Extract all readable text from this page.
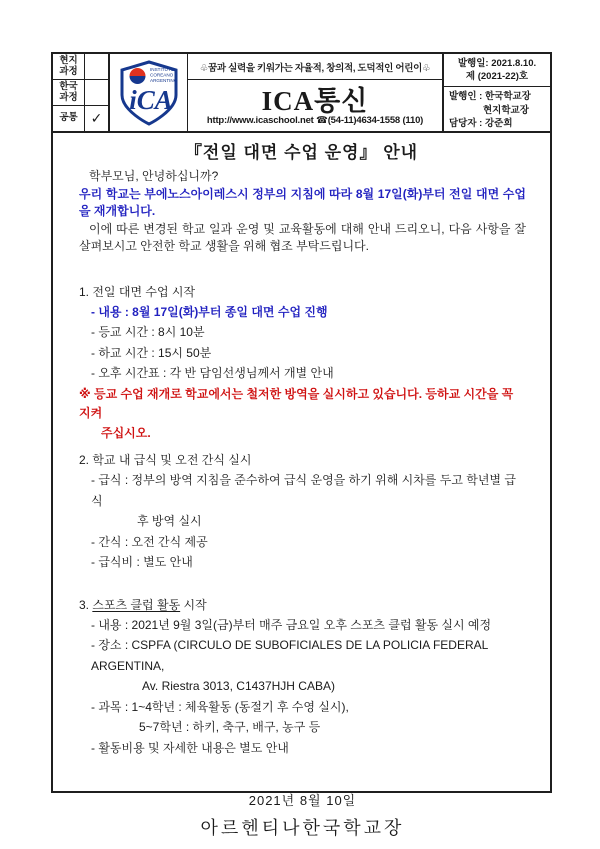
현지
과정
한국
과정
공통 ✓
iCA
INSTITUTO
COREANO
ARGENTINO
♧꿈과 실력을 키워가는 자율적, 창의적, 도덕적인 어린이♧
ICA통신
http://www.icaschool.net ☎(54-11)4634-1558 (110)
발행일: 2021.8.10.
제 (2021-22)호
발행인 : 한국학교장
현지학교장
담당자 : 강준희
『전일 대면 수업 운영』 안내

학부모님, 안녕하십니까?

우리 학교는 부에노스아이레스시 정부의 지침에 따라 8월 17일(화)부터 전일 대면 수업을 재개합니다.

이에 따른 변경된 학교 일과 운영 및 교육활동에 대해 안내 드리오니, 다음 사항을 잘 살펴보시고 안전한 학교 생활을 위해 협조 부탁드립니다.

1. 전일 대면 수업 시작
- 내용 : 8월 17일(화)부터 종일 대면 수업 진행
- 등교 시간 : 8시 10분
- 하교 시간 : 15시 50분
- 오후 시간표 : 각 반 담임선생님께서 개별 안내
※ 등교 수업 재개로 학교에서는 철저한 방역을 실시하고 있습니다. 등하교 시간을 꼭 지켜
주십시오.
2. 학교 내 급식 및 오전 간식 실시
- 급식 : 정부의 방역 지침을 준수하여 급식 운영을 하기 위해 시차를 두고 학년별 급식
후 방역 실시
- 간식 : 오전 간식 제공
- 급식비 : 별도 안내
3. 스포츠 클럽 활동 시작
- 내용 : 2021년 9월 3일(금)부터 매주 금요일 오후 스포츠 클럽 활동 실시 예정
- 장소 : CSPFA (CIRCULO DE SUBOFICIALES DE LA POLICIA FEDERAL ARGENTINA,
Av. Riestra 3013, C1437HJH CABA)
- 과목 : 1~4학년 : 체육활동 (동절기 후 수영 실시),
5~7학년 : 하키, 축구, 배구, 농구 등
- 활동비용 및 자세한 내용은 별도 안내
2021년 8월 10일
아르헨티나한국학교장
